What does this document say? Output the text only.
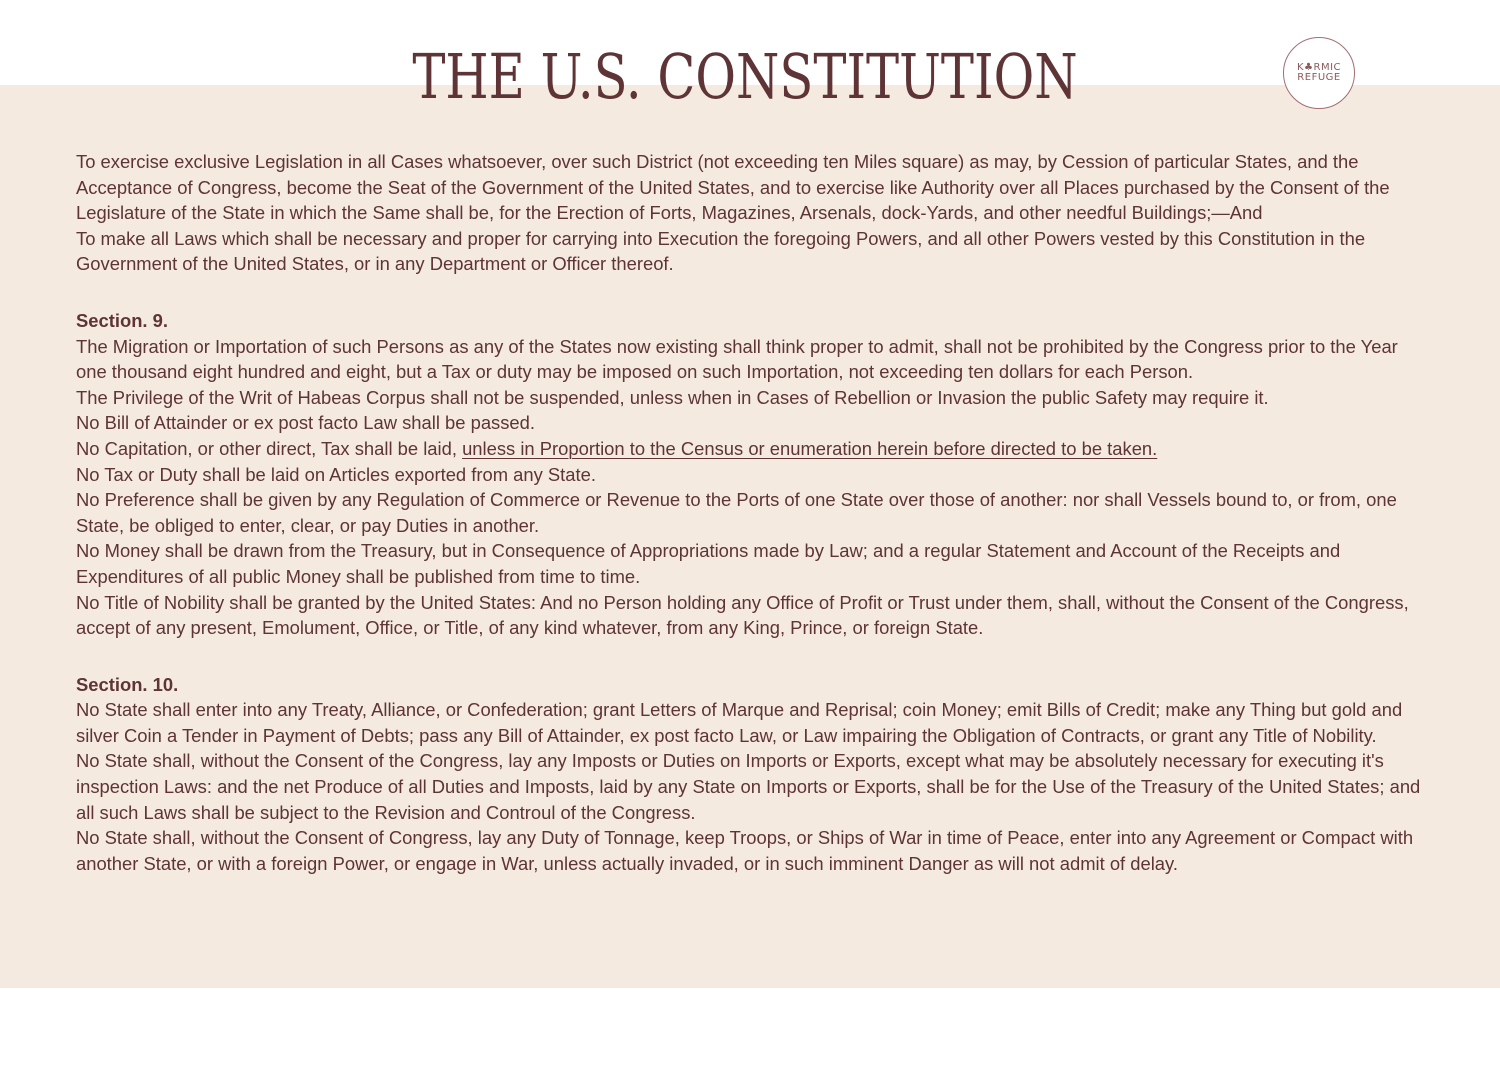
THE U.S. CONSTITUTION	K♣RMIC
REFUGE

To exercise exclusive Legislation in all Cases whatsoever, over such District (not exceeding ten Miles square) as may, by Cession of particular States, and the Acceptance of Congress, become the Seat of the Government of the United States, and to exercise like Authority over all Places purchased by the Consent of the Legislature of the State in which the Same shall be, for the Erection of Forts, Magazines, Arsenals, dock-Yards, and other needful Buildings;—And

To make all Laws which shall be necessary and proper for carrying into Execution the foregoing Powers, and all other Powers vested by this Constitution in the Government of the United States, or in any Department or Officer thereof.

Section. 9.

The Migration or Importation of such Persons as any of the States now existing shall think proper to admit, shall not be prohibited by the Congress prior to the Year one thousand eight hundred and eight, but a Tax or duty may be imposed on such Importation, not exceeding ten dollars for each Person.

The Privilege of the Writ of Habeas Corpus shall not be suspended, unless when in Cases of Rebellion or Invasion the public Safety may require it.

No Bill of Attainder or ex post facto Law shall be passed.

No Capitation, or other direct, Tax shall be laid, unless in Proportion to the Census or enumeration herein before directed to be taken.

No Tax or Duty shall be laid on Articles exported from any State.

No Preference shall be given by any Regulation of Commerce or Revenue to the Ports of one State over those of another: nor shall Vessels bound to, or from, one State, be obliged to enter, clear, or pay Duties in another.

No Money shall be drawn from the Treasury, but in Consequence of Appropriations made by Law; and a regular Statement and Account of the Receipts and Expenditures of all public Money shall be published from time to time.

No Title of Nobility shall be granted by the United States: And no Person holding any Office of Profit or Trust under them, shall, without the Consent of the Congress, accept of any present, Emolument, Office, or Title, of any kind whatever, from any King, Prince, or foreign State.

Section. 10.

No State shall enter into any Treaty, Alliance, or Confederation; grant Letters of Marque and Reprisal; coin Money; emit Bills of Credit; make any Thing but gold and silver Coin a Tender in Payment of Debts; pass any Bill of Attainder, ex post facto Law, or Law impairing the Obligation of Contracts, or grant any Title of Nobility.

No State shall, without the Consent of the Congress, lay any Imposts or Duties on Imports or Exports, except what may be absolutely necessary for executing it's inspection Laws: and the net Produce of all Duties and Imposts, laid by any State on Imports or Exports, shall be for the Use of the Treasury of the United States; and all such Laws shall be subject to the Revision and Controul of the Congress.

No State shall, without the Consent of Congress, lay any Duty of Tonnage, keep Troops, or Ships of War in time of Peace, enter into any Agreement or Compact with another State, or with a foreign Power, or engage in War, unless actually invaded, or in such imminent Danger as will not admit of delay.
